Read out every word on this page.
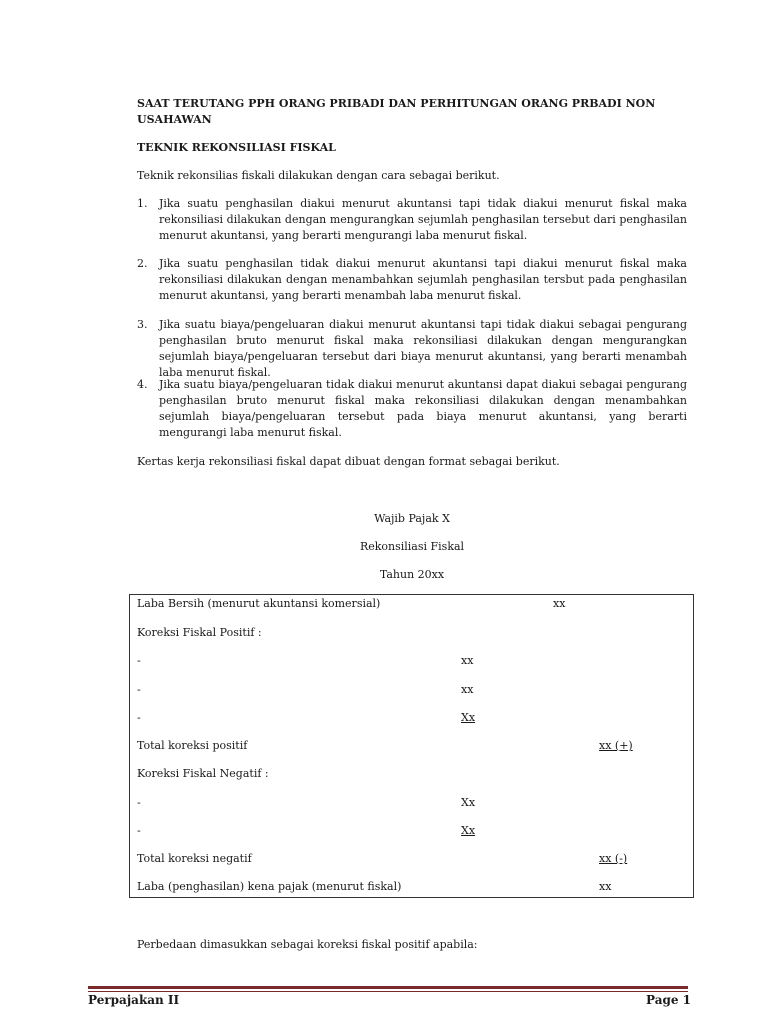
SAAT TERUTANG PPH ORANG PRIBADI DAN PERHITUNGAN ORANG PRBADI NON

USAHAWAN

TEKNIK REKONSILIASI FISKAL

Teknik rekonsilias fiskali dilakukan dengan cara sebagai berikut.

1. Jika suatu penghasilan diakui menurut akuntansi tapi tidak diakui menurut fiskal maka rekonsiliasi dilakukan dengan mengurangkan sejumlah penghasilan tersebut dari penghasilan menurut akuntansi, yang berarti mengurangi laba menurut fiskal.

2. Jika suatu penghasilan tidak diakui menurut akuntansi tapi diakui menurut fiskal maka rekonsiliasi dilakukan dengan menambahkan sejumlah penghasilan tersbut pada penghasilan menurut akuntansi, yang berarti menambah laba menurut fiskal.

3. Jika suatu biaya/pengeluaran diakui menurut akuntansi tapi tidak diakui sebagai pengurang penghasilan bruto menurut fiskal maka rekonsiliasi dilakukan dengan mengurangkan sejumlah biaya/pengeluaran tersebut dari biaya menurut akuntansi, yang berarti menambah laba menurut fiskal.

4. Jika suatu biaya/pengeluaran tidak diakui menurut akuntansi dapat diakui sebagai pengurang penghasilan bruto menurut fiskal maka rekonsiliasi dilakukan dengan menambahkan sejumlah biaya/pengeluaran tersebut pada biaya menurut akuntansi, yang berarti mengurangi laba menurut fiskal.

Kertas kerja rekonsiliasi fiskal dapat dibuat dengan format sebagai berikut.

Wajib Pajak X

Rekonsiliasi Fiskal

Tahun 20xx

Laba Bersih (menurut akuntansi komersial)	xx
Koreksi Fiskal Positif :
-	xx
-	xx
-	Xx
Total koreksi positif	xx (+)
Koreksi Fiskal Negatif :
-	Xx
-	Xx
Total koreksi negatif	xx (-)
Laba (penghasilan) kena pajak (menurut fiskal)	xx

Perbedaan dimasukkan sebagai koreksi fiskal positif apabila:

Perpajakan II	Page 1
